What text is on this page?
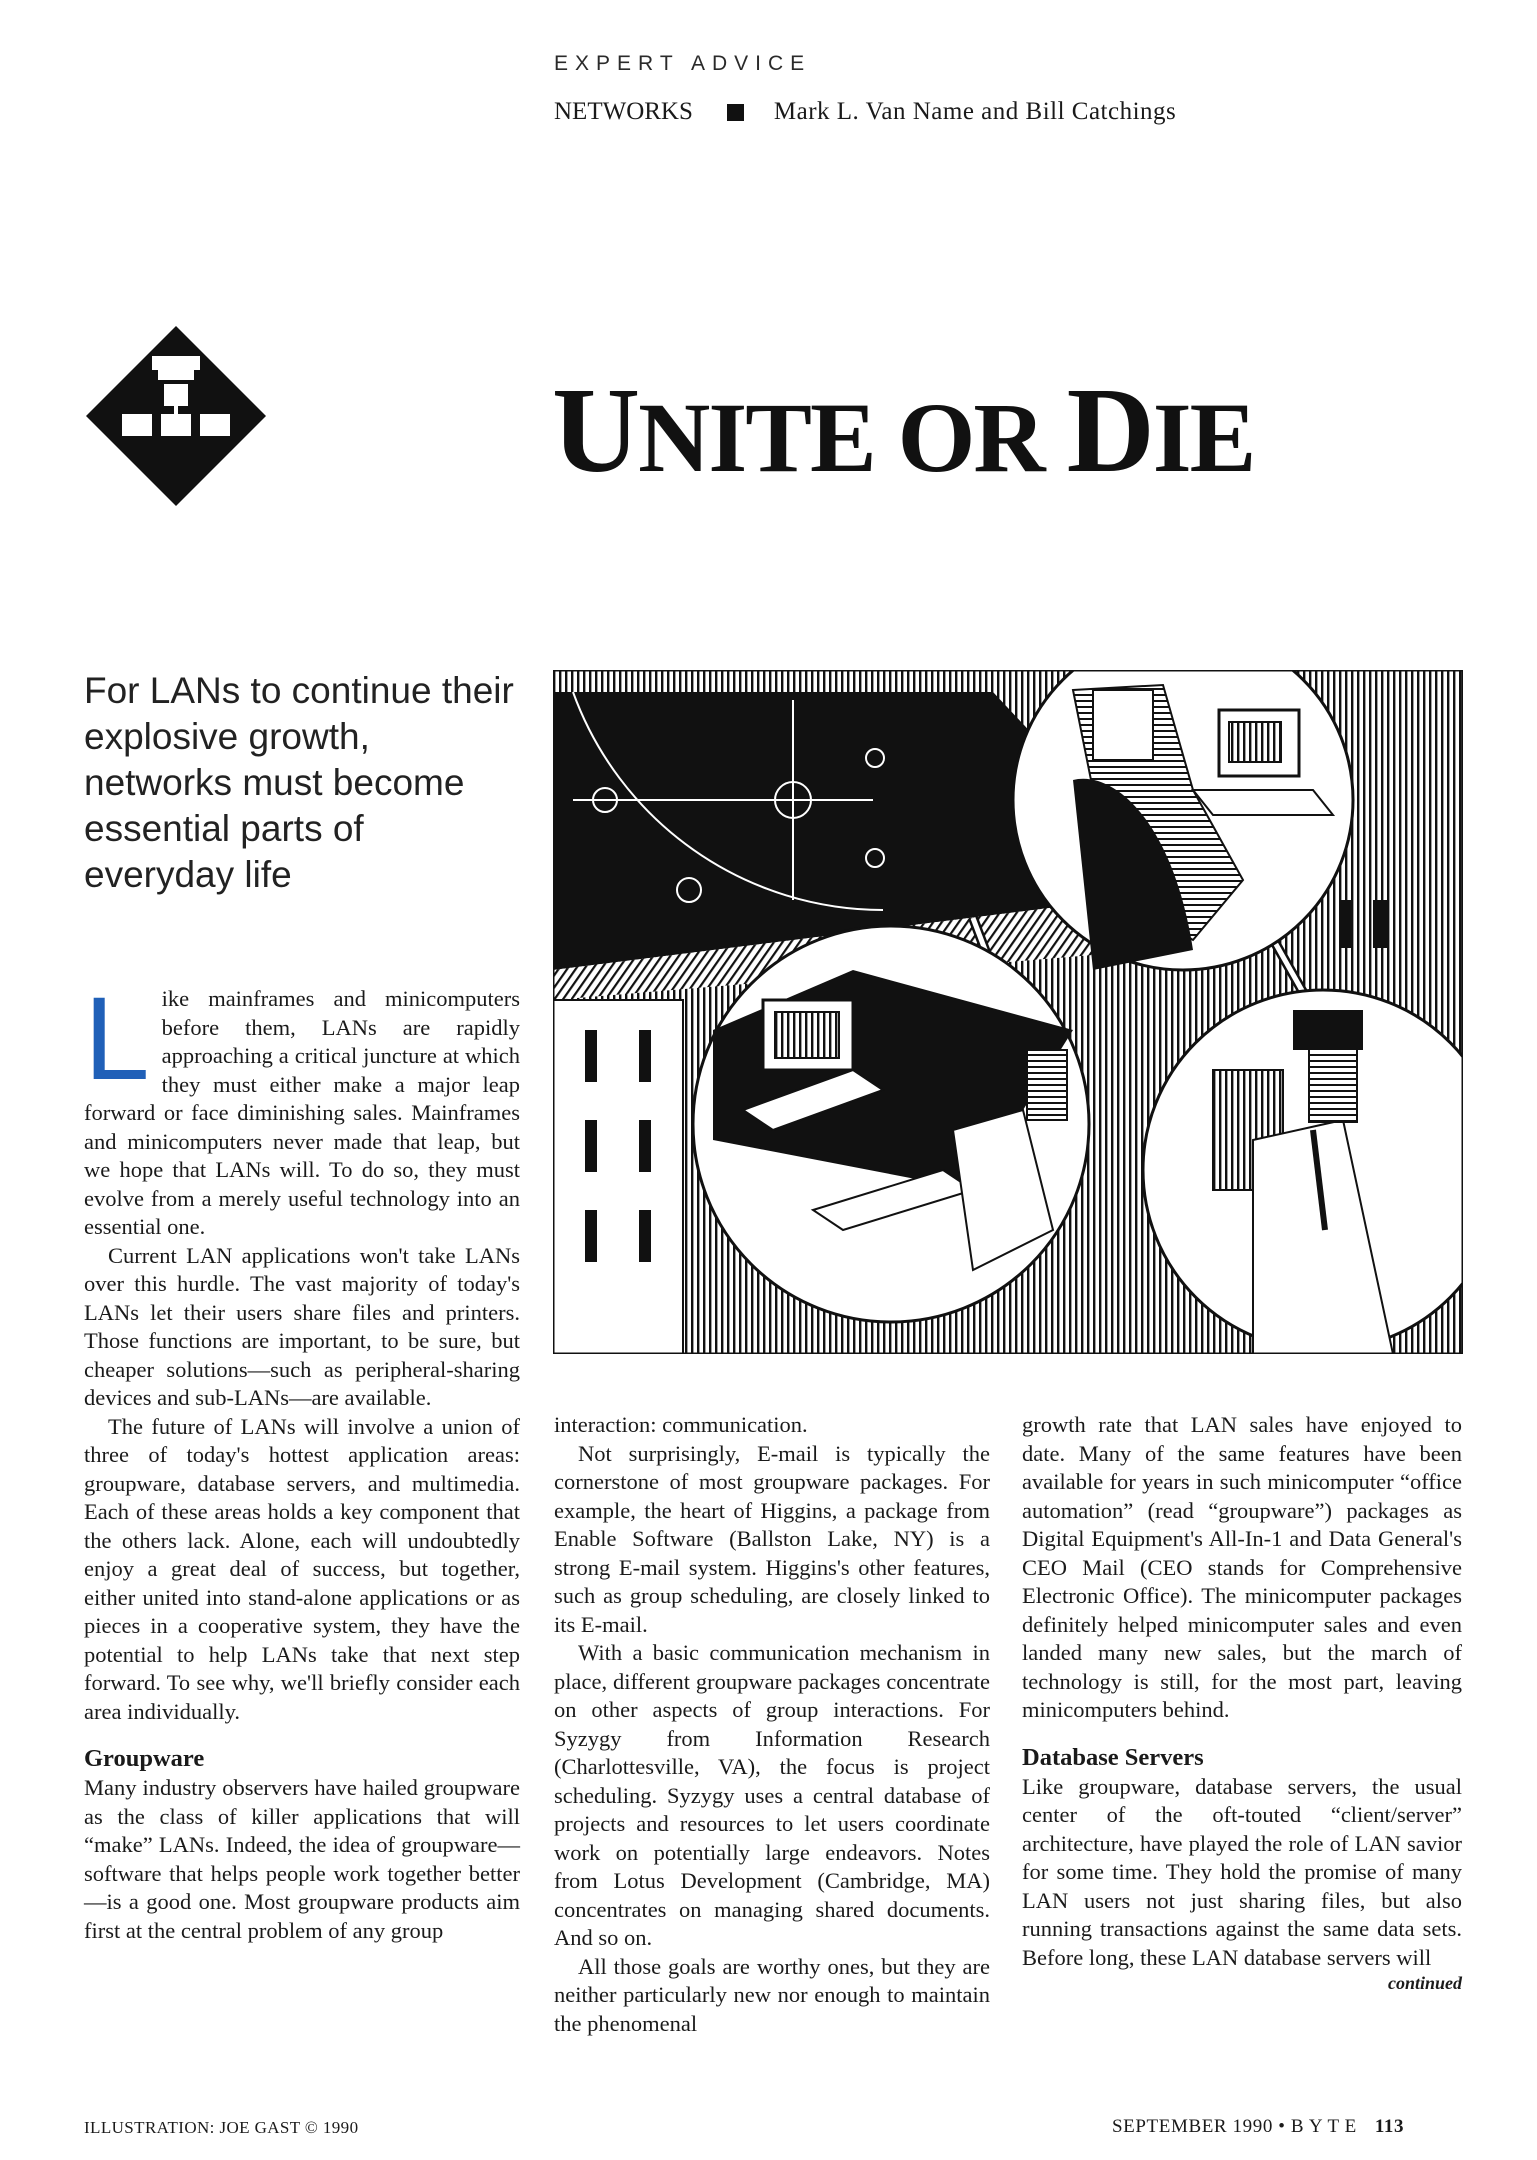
EXPERT ADVICE
NETWORKS	Mark L. Van Name and Bill Catchings
UNITE OR DIE
For LANs to continue their explosive growth, networks must become essential parts of everyday life
L ike mainframes and minicomputers before them, LANs are rapidly approaching a critical juncture at which they must either make a major leap forward or face diminishing sales. Mainframes and minicomputers never made that leap, but we hope that LANs will. To do so, they must evolve from a merely useful technology into an essential one.

Current LAN applications won't take LANs over this hurdle. The vast majority of today's LANs let their users share files and printers. Those functions are important, to be sure, but cheaper solutions—such as peripheral-sharing devices and sub-LANs—are available.

The future of LANs will involve a union of three of today's hottest application areas: groupware, database servers, and multimedia. Each of these areas holds a key component that the others lack. Alone, each will undoubtedly enjoy a great deal of success, but together, either united into stand-alone applications or as pieces in a cooperative system, they have the potential to help LANs take that next step forward. To see why, we'll briefly consider each area individually.

Groupware

Many industry observers have hailed groupware as the class of killer applications that will “make” LANs. Indeed, the idea of groupware—software that helps people work together better—is a good one. Most groupware products aim first at the central problem of any group

interaction: communication.

Not surprisingly, E-mail is typically the cornerstone of most groupware packages. For example, the heart of Higgins, a package from Enable Software (Ballston Lake, NY) is a strong E-mail system. Higgins's other features, such as group scheduling, are closely linked to its E-mail.

With a basic communication mechanism in place, different groupware packages concentrate on other aspects of group interactions. For Syzygy from Information Research (Charlottesville, VA), the focus is project scheduling. Syzygy uses a central database of projects and resources to let users coordinate work on potentially large endeavors. Notes from Lotus Development (Cambridge, MA) concentrates on managing shared documents. And so on.

All those goals are worthy ones, but they are neither particularly new nor enough to maintain the phenomenal

growth rate that LAN sales have enjoyed to date. Many of the same features have been available for years in such minicomputer “office automation” (read “groupware”) packages as Digital Equipment's All-In-1 and Data General's CEO Mail (CEO stands for Comprehensive Electronic Office). The minicomputer packages definitely helped minicomputer sales and even landed many new sales, but the march of technology is still, for the most part, leaving minicomputers behind.

Database Servers

Like groupware, database servers, the usual center of the oft-touted “client/server” architecture, have played the role of LAN savior for some time. They hold the promise of many LAN users not just sharing files, but also running transactions against the same data sets. Before long, these LAN database servers will

continued
ILLUSTRATION: JOE GAST © 1990	SEPTEMBER 1990 • B Y T E 113
